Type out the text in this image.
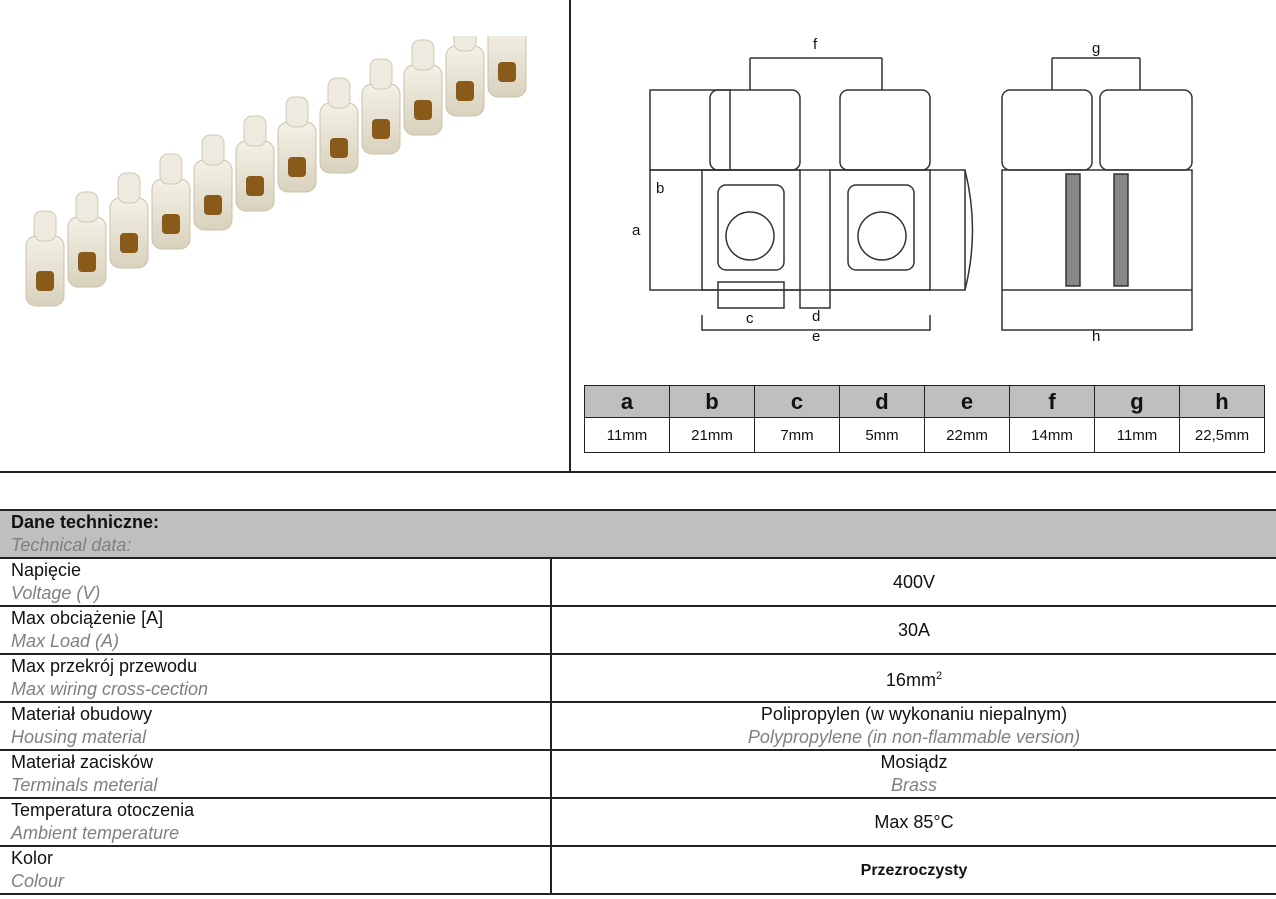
f	g
a
b
c	d
e	h
a	b	c	d	e	f	g	h
11mm	21mm	7mm	5mm	22mm	14mm	11mm	22,5mm
Dane techniczne:
Technical data:	

Napięcie
Voltage (V)	400V

Max obciążenie [A]
Max Load (A)	30A

Max przekrój przewodu
Max wiring cross-cection	$16mm^2$

Materiał obudowy
Housing material	Polipropylen (w wykonaniu niepalnym)
Polypropylene (in non-flammable version)

Materiał zacisków
Terminals meterial	Mosiądz
Brass

Temperatura otoczenia
Ambient temperature	Max 85°C

Kolor
Colour	Przezroczysty
